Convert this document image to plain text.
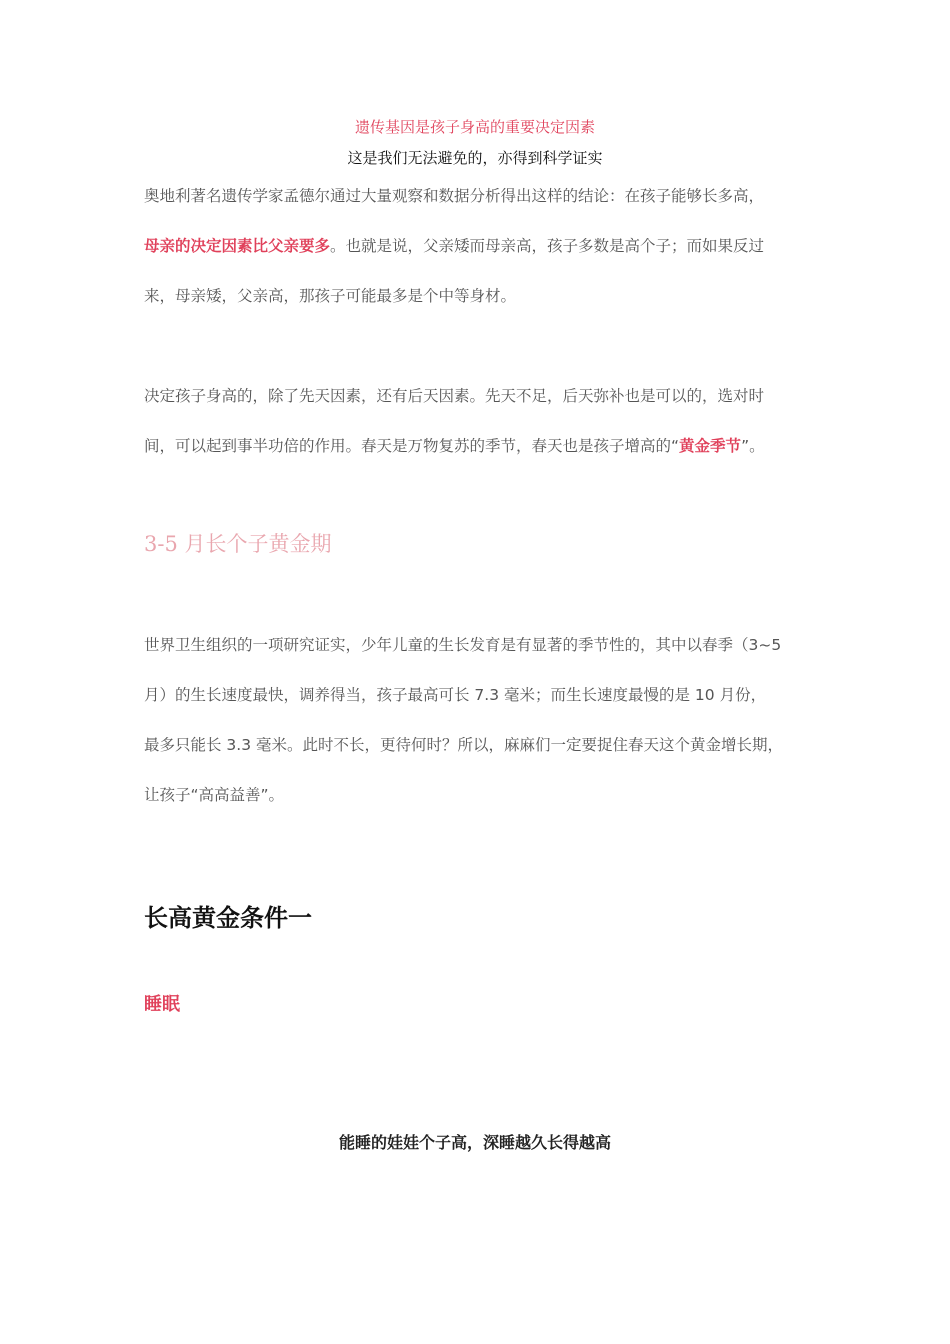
遗传基因是孩子身高的重要决定因素
这是我们无法避免的，亦得到科学证实
奥地利著名遗传学家孟德尔通过大量观察和数据分析得出这样的结论：在孩子能够长多高，
母亲的决定因素比父亲要多。也就是说，父亲矮而母亲高，孩子多数是高个子；而如果反过
来，母亲矮，父亲高，那孩子可能最多是个中等身材。
决定孩子身高的，除了先天因素，还有后天因素。先天不足，后天弥补也是可以的，选对时
间，可以起到事半功倍的作用。春天是万物复苏的季节，春天也是孩子增高的“黄金季节”。
3-5 月长个子黄金期
世界卫生组织的一项研究证实，少年儿童的生长发育是有显著的季节性的，其中以春季（3~5
月）的生长速度最快，调养得当，孩子最高可长 7.3 毫米；而生长速度最慢的是 10 月份，
最多只能长 3.3 毫米。此时不长，更待何时？所以，麻麻们一定要捉住春天这个黄金增长期，
让孩子“高高益善”。
长高黄金条件一
睡眠
能睡的娃娃个子高，深睡越久长得越高
